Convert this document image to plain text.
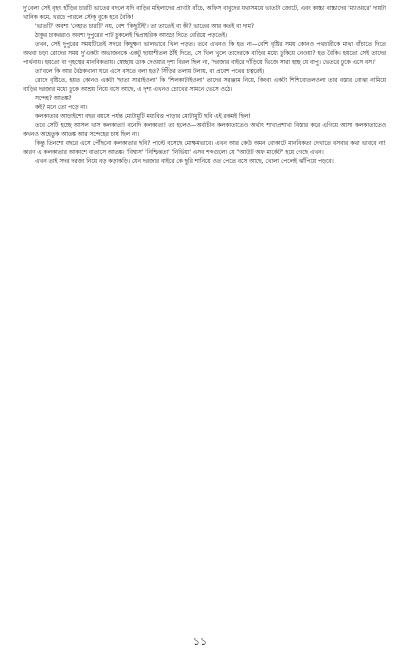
দু'বেলা সেই বৃহৎ হাঁড়ির চারটি ভাতের বদলে যদি বাড়ির মহিলাদের প্রাণটা বাঁচে, অফিস বাবুদের যথাসময়ে ভাতটা জোটে, এবং কাচ্চা বাচ্চাদের 'ম্যাওয়রে' দায়টা খানিক কমে, খরচে পারলে স্টেক্‌ বুকে হবে বৈকি!

'ভাতটি' অবশ্য 'নেহাত চারটি' নয়, বেশ 'কিছুটিই'। তা তাতেই বা কী? ভাতের আর কতই বা দাম?

ঠাকুর চাকররাও অবশ্য দুপুরের পাট চুকলেই দ্বিপ্রাহরিক আড্ডা দিতে বেরিয়ে পড়তেই।

তখন, সেই দুপুরের সময়টিতেই সদরে কিছুক্ষণ ভালভাবে খিল পড়ত। তবে এখনও কি হত না—বেশি বৃষ্টির সময় কোনও পথচারীকে মাথা বাঁচাতে দিতে অথবা চড়া রোদের সময় দু'একটা অভাজনকে একটু ছায়াশীতল ঠাঁই দিতে, সে খিল খুলে তাদেরকে বাড়ির মধ্যে ঢুকিয়ে নেওয়া? হত বৈকি। হয়তো সেই তাদের পার্থনায়। হয়তো বা গৃহস্থের মানবিকতায়। স্বেচ্ছায় ডাক দেওয়ার দৃশ্য বিরল ছিল না, 'দরজার বাইরে দাঁড়িয়ে ভিজে সারা হচ্ছ যে বাপু। ভেতরে ঢুকে এসে বস।'

তা'বলে কি আর বৈঠকখানা ঘরে এসে বসতে বলা হত? সিঁড়ির তলায় টলায়, বা প্রবেশ পথের চত্বরেই।

রোদে বৃষ্টিতে, হয়ত কোনও একটা 'ছাতা সারাইওলা' কি 'শিলকাটাইওলা' তাদের সরঞ্জাম নিয়ে, কিংবা একটা শিশিবোতলওলা তার বস্তার বোঝা নামিয়ে বাড়ির দরজার মধ্যে ঢুকে আশ্রয় নিয়ে বসে আছে, এ দৃশ্য এখনও চোখের সামনে ভেসে ওঠে।

সন্দেহ? আতঙ্ক?

কই? মনে তো পড়ে না।

কলকাতার আড়াইশো বছর বয়সে পর্যন্ত মোটামুটি মধ্যবিত্ত পাড়ার মোটামুটি ছবি এই রকমই ছিল!

তবে সেটি হচ্ছে আসল খাস কলকাতা! বনেদি কলকাতা! তা হলেও—অর্বাচীন কলকাতাতেও অর্থাৎ শাখাপ্রশাখা বিস্তার করে এগিয়ে আসা কলকাতাতেও কখনও অহেতুক আতঙ্ক আর সন্দেহের চাষ ছিল না।

কিন্তু তিনশো বছরে এসে পৌঁছনো কলকাতার ছবি? পাল্টে বসেছে মোক্ষমভাবে। এখন আর কেউ অমন বোকাটে মানবিকতা দেখাতে বসবার কথা ভাববে না! কারণ এ কলকাতার আকাশে বাতাসে আতঙ্ক। 'বিশ্বাস' 'নিশ্চিন্ততা' 'নির্ভিয়া' এসব শব্দগুলো যে "আউট অফ মার্কেট" হয়ে গেছে এখন।

এখন তাই সদর দরজা নিয়ে বড় কড়াকড়ি। যেন দরজার বাইরে কে ছুরি শানিয়ে ওত পেতে বসে আছে, খোলা পেলেই ঝাঁপিয়ে পড়বে।

১১
